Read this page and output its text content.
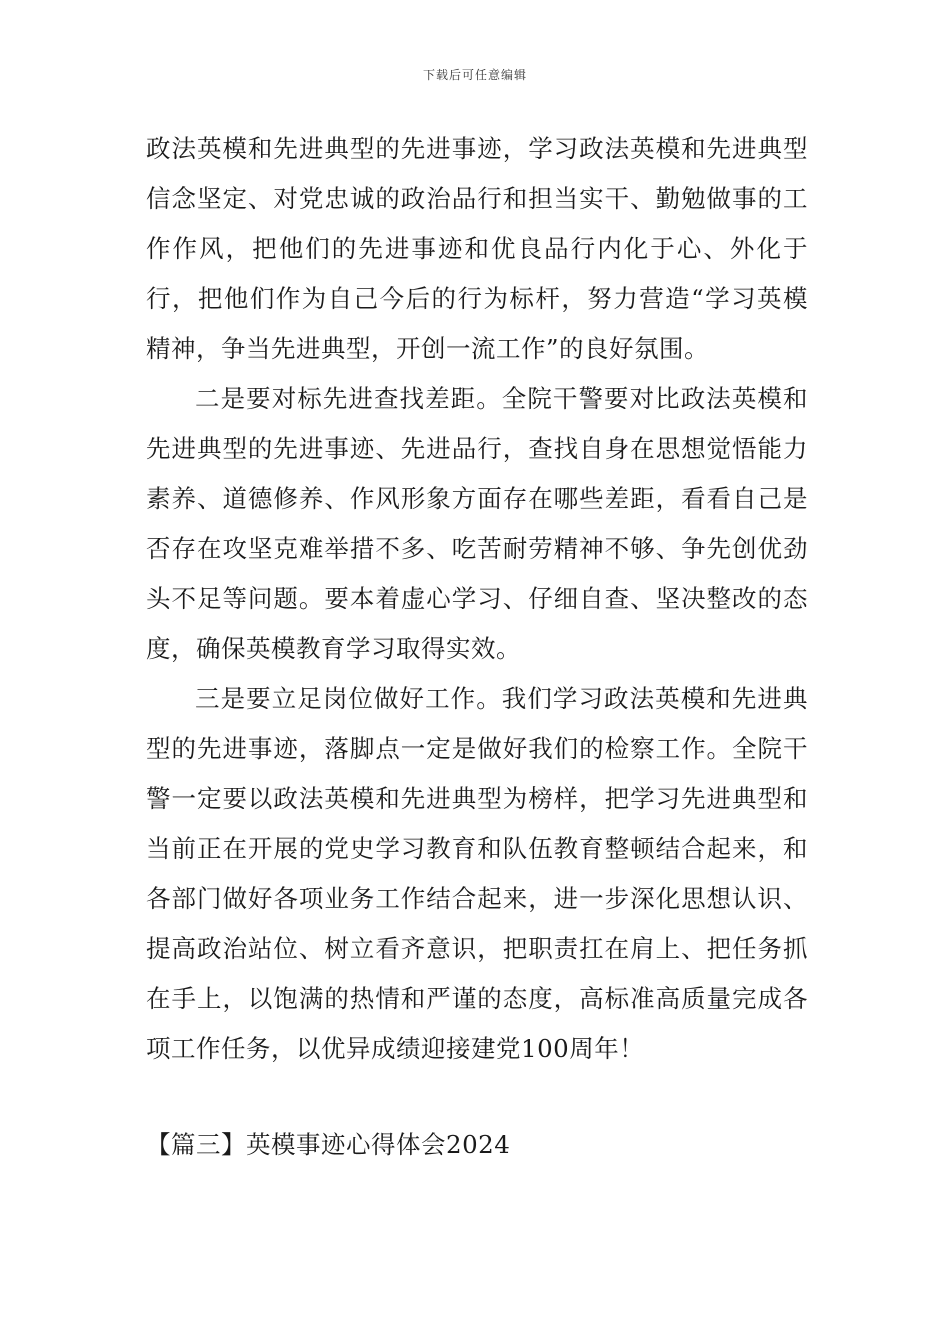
下载后可任意编辑

政法英模和先进典型的先进事迹，学习政法英模和先进典型信念坚定、对党忠诚的政治品行和担当实干、勤勉做事的工作作风，把他们的先进事迹和优良品行内化于心、外化于行，把他们作为自己今后的行为标杆，努力营造“学习英模精神，争当先进典型，开创一流工作”的良好氛围。

二是要对标先进查找差距。全院干警要对比政法英模和先进典型的先进事迹、先进品行，查找自身在思想觉悟能力素养、道德修养、作风形象方面存在哪些差距，看看自己是否存在攻坚克难举措不多、吃苦耐劳精神不够、争先创优劲头不足等问题。要本着虚心学习、仔细自查、坚决整改的态度，确保英模教育学习取得实效。

三是要立足岗位做好工作。我们学习政法英模和先进典型的先进事迹，落脚点一定是做好我们的检察工作。全院干警一定要以政法英模和先进典型为榜样，把学习先进典型和当前正在开展的党史学习教育和队伍教育整顿结合起来，和各部门做好各项业务工作结合起来，进一步深化思想认识、提高政治站位、树立看齐意识，把职责扛在肩上、把任务抓在手上，以饱满的热情和严谨的态度，高标准高质量完成各项工作任务，以优异成绩迎接建党100周年！

【篇三】英模事迹心得体会2024
